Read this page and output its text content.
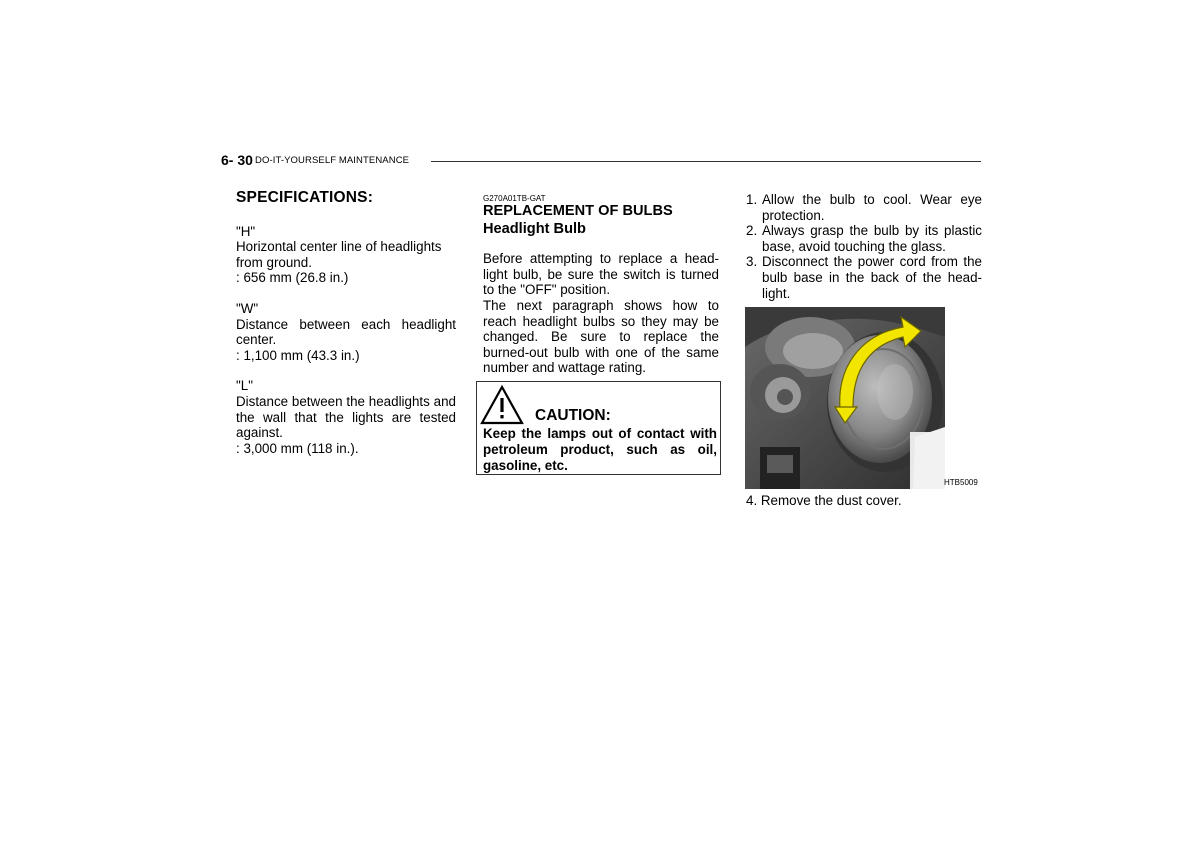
6- 30 DO-IT-YOURSELF MAINTENANCE
SPECIFICATIONS:

"H"

Horizontal center line of headlights from ground.

: 656 mm (26.8 in.)

"W"

Distance between each headlight center.

: 1,100 mm (43.3 in.)

"L"

Distance between the headlights and the wall that the lights are tested against.

: 3,000 mm (118 in.).

G270A01TB-GAT
REPLACEMENT OF BULBS
Headlight Bulb

Before attempting to replace a head-light bulb, be sure the switch is turned to the "OFF" position.

The next paragraph shows how to reach headlight bulbs so they may be changed. Be sure to replace the burned-out bulb with one of the same number and wattage rating.

CAUTION:
Keep the lamps out of contact with petroleum product, such as oil, gasoline, etc.
1. Allow the bulb to cool. Wear eye protection.
2. Always grasp the bulb by its plastic base, avoid touching the glass.
3. Disconnect the power cord from the bulb base in the back of the head-light.
HTB5009
4. Remove the dust cover.
